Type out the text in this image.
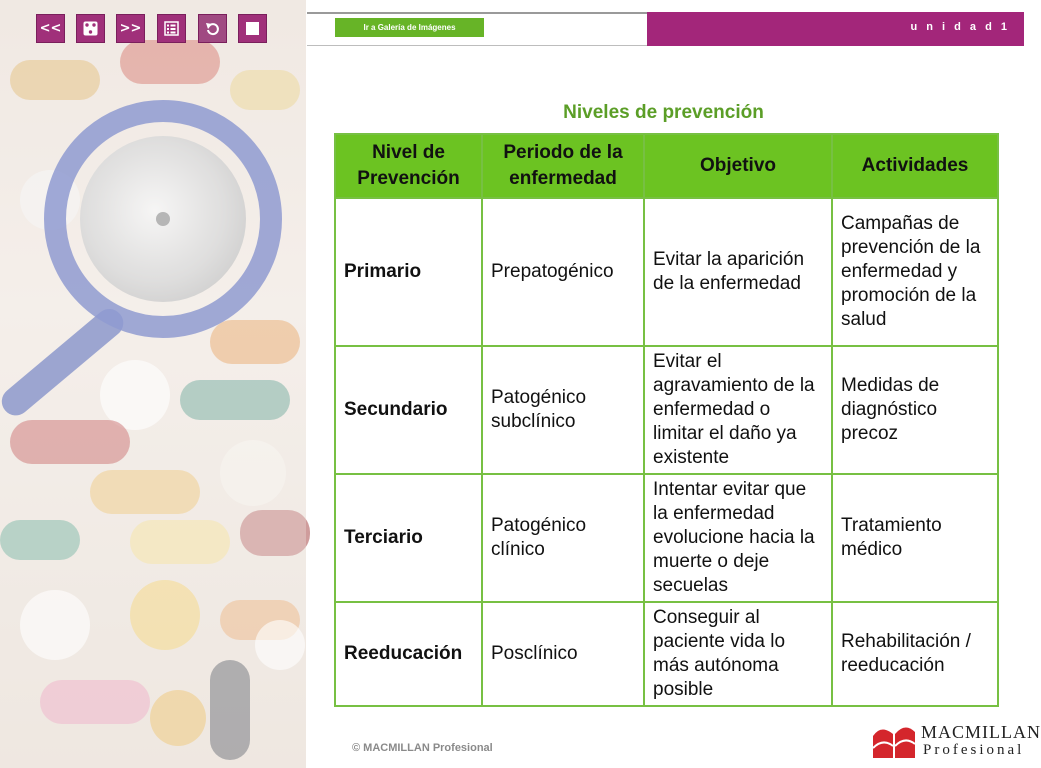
<<	>>	Ir a Galería de Imágenes	u n i d a d 1
Niveles de prevención
Nivel de Prevención	Periodo de la enfermedad	Objetivo	Actividades
Primario	Prepatogénico	Evitar la aparición de la enfermedad	Campañas de prevención de la enfermedad y promoción de la salud
Secundario	Patogénico subclínico	Evitar el agravamiento de la enfermedad o limitar el daño ya existente	Medidas de diagnóstico precoz
Terciario	Patogénico clínico	Intentar evitar que la enfermedad evolucione hacia la muerte o deje secuelas	Tratamiento médico
Reeducación	Posclínico	Conseguir al paciente vida lo más autónoma posible	Rehabilitación / reeducación
© MACMILLAN Profesional
MACMILLAN
Profesional
